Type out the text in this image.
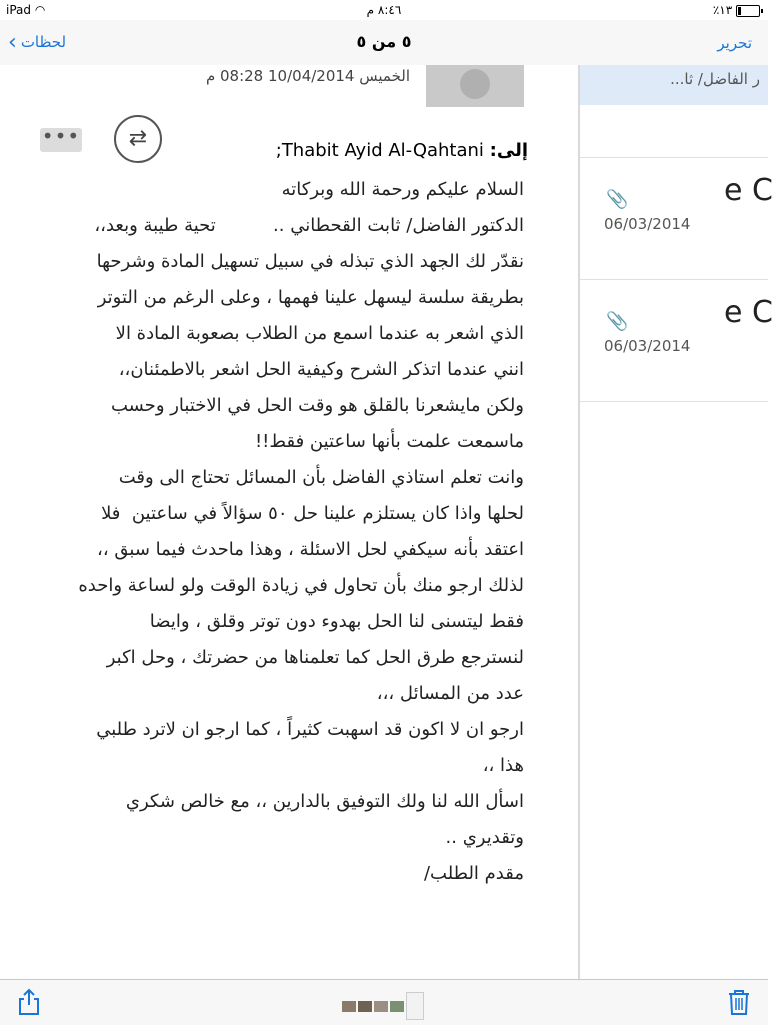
iPad ◠	٨:٤٦ م	٪١٣
‹ لحظات	٥ من ٥	تحرير
الخميس 10/04/2014 08:28 م
•••	⇄	إلى: Thabit Ayid Al-Qahtani;

السلام عليكم ورحمة الله وبركاته

الدكتور الفاضل/ ثابت القحطاني ..          تحية طيبة وبعد،،

نقدّر لك الجهد الذي تبذله في سبيل تسهيل المادة وشرحها

بطريقة سلسة ليسهل علينا فهمها ، وعلى الرغم من التوتر

الذي اشعر به عندما اسمع من الطلاب بصعوبة المادة الا

انني عندما اتذكر الشرح وكيفية الحل اشعر بالاطمئنان،،

ولكن مايشعرنا بالقلق هو وقت الحل في الاختبار وحسب

ماسمعت علمت بأنها ساعتين فقط!!

وانت تعلم استاذي الفاضل بأن المسائل تحتاج الى وقت

لحلها واذا كان يستلزم علينا حل ٥٠ سؤالاً في ساعتين  فلا

اعتقد بأنه سيكفي لحل الاسئلة ، وهذا ماحدث فيما سبق ،،

لذلك ارجو منك بأن تحاول في زيادة الوقت ولو لساعة واحده

فقط ليتسنى لنا الحل بهدوء دون توتر وقلق ، وايضا

لنسترجع طرق الحل كما تعلمناها من حضرتك ، وحل اكبر

عدد من المسائل ،،،

ارجو ان لا اكون قد اسهبت كثيراً ، كما ارجو ان لاترد طلبي

هذا ،،

اسأل الله لنا ولك التوفيق بالدارين ،، مع خالص شكري

وتقديري ..

مقدم الطلب/

ر الفاضل/ ثا...
📎	e C
06/03/2014
📎	e C
06/03/2014
